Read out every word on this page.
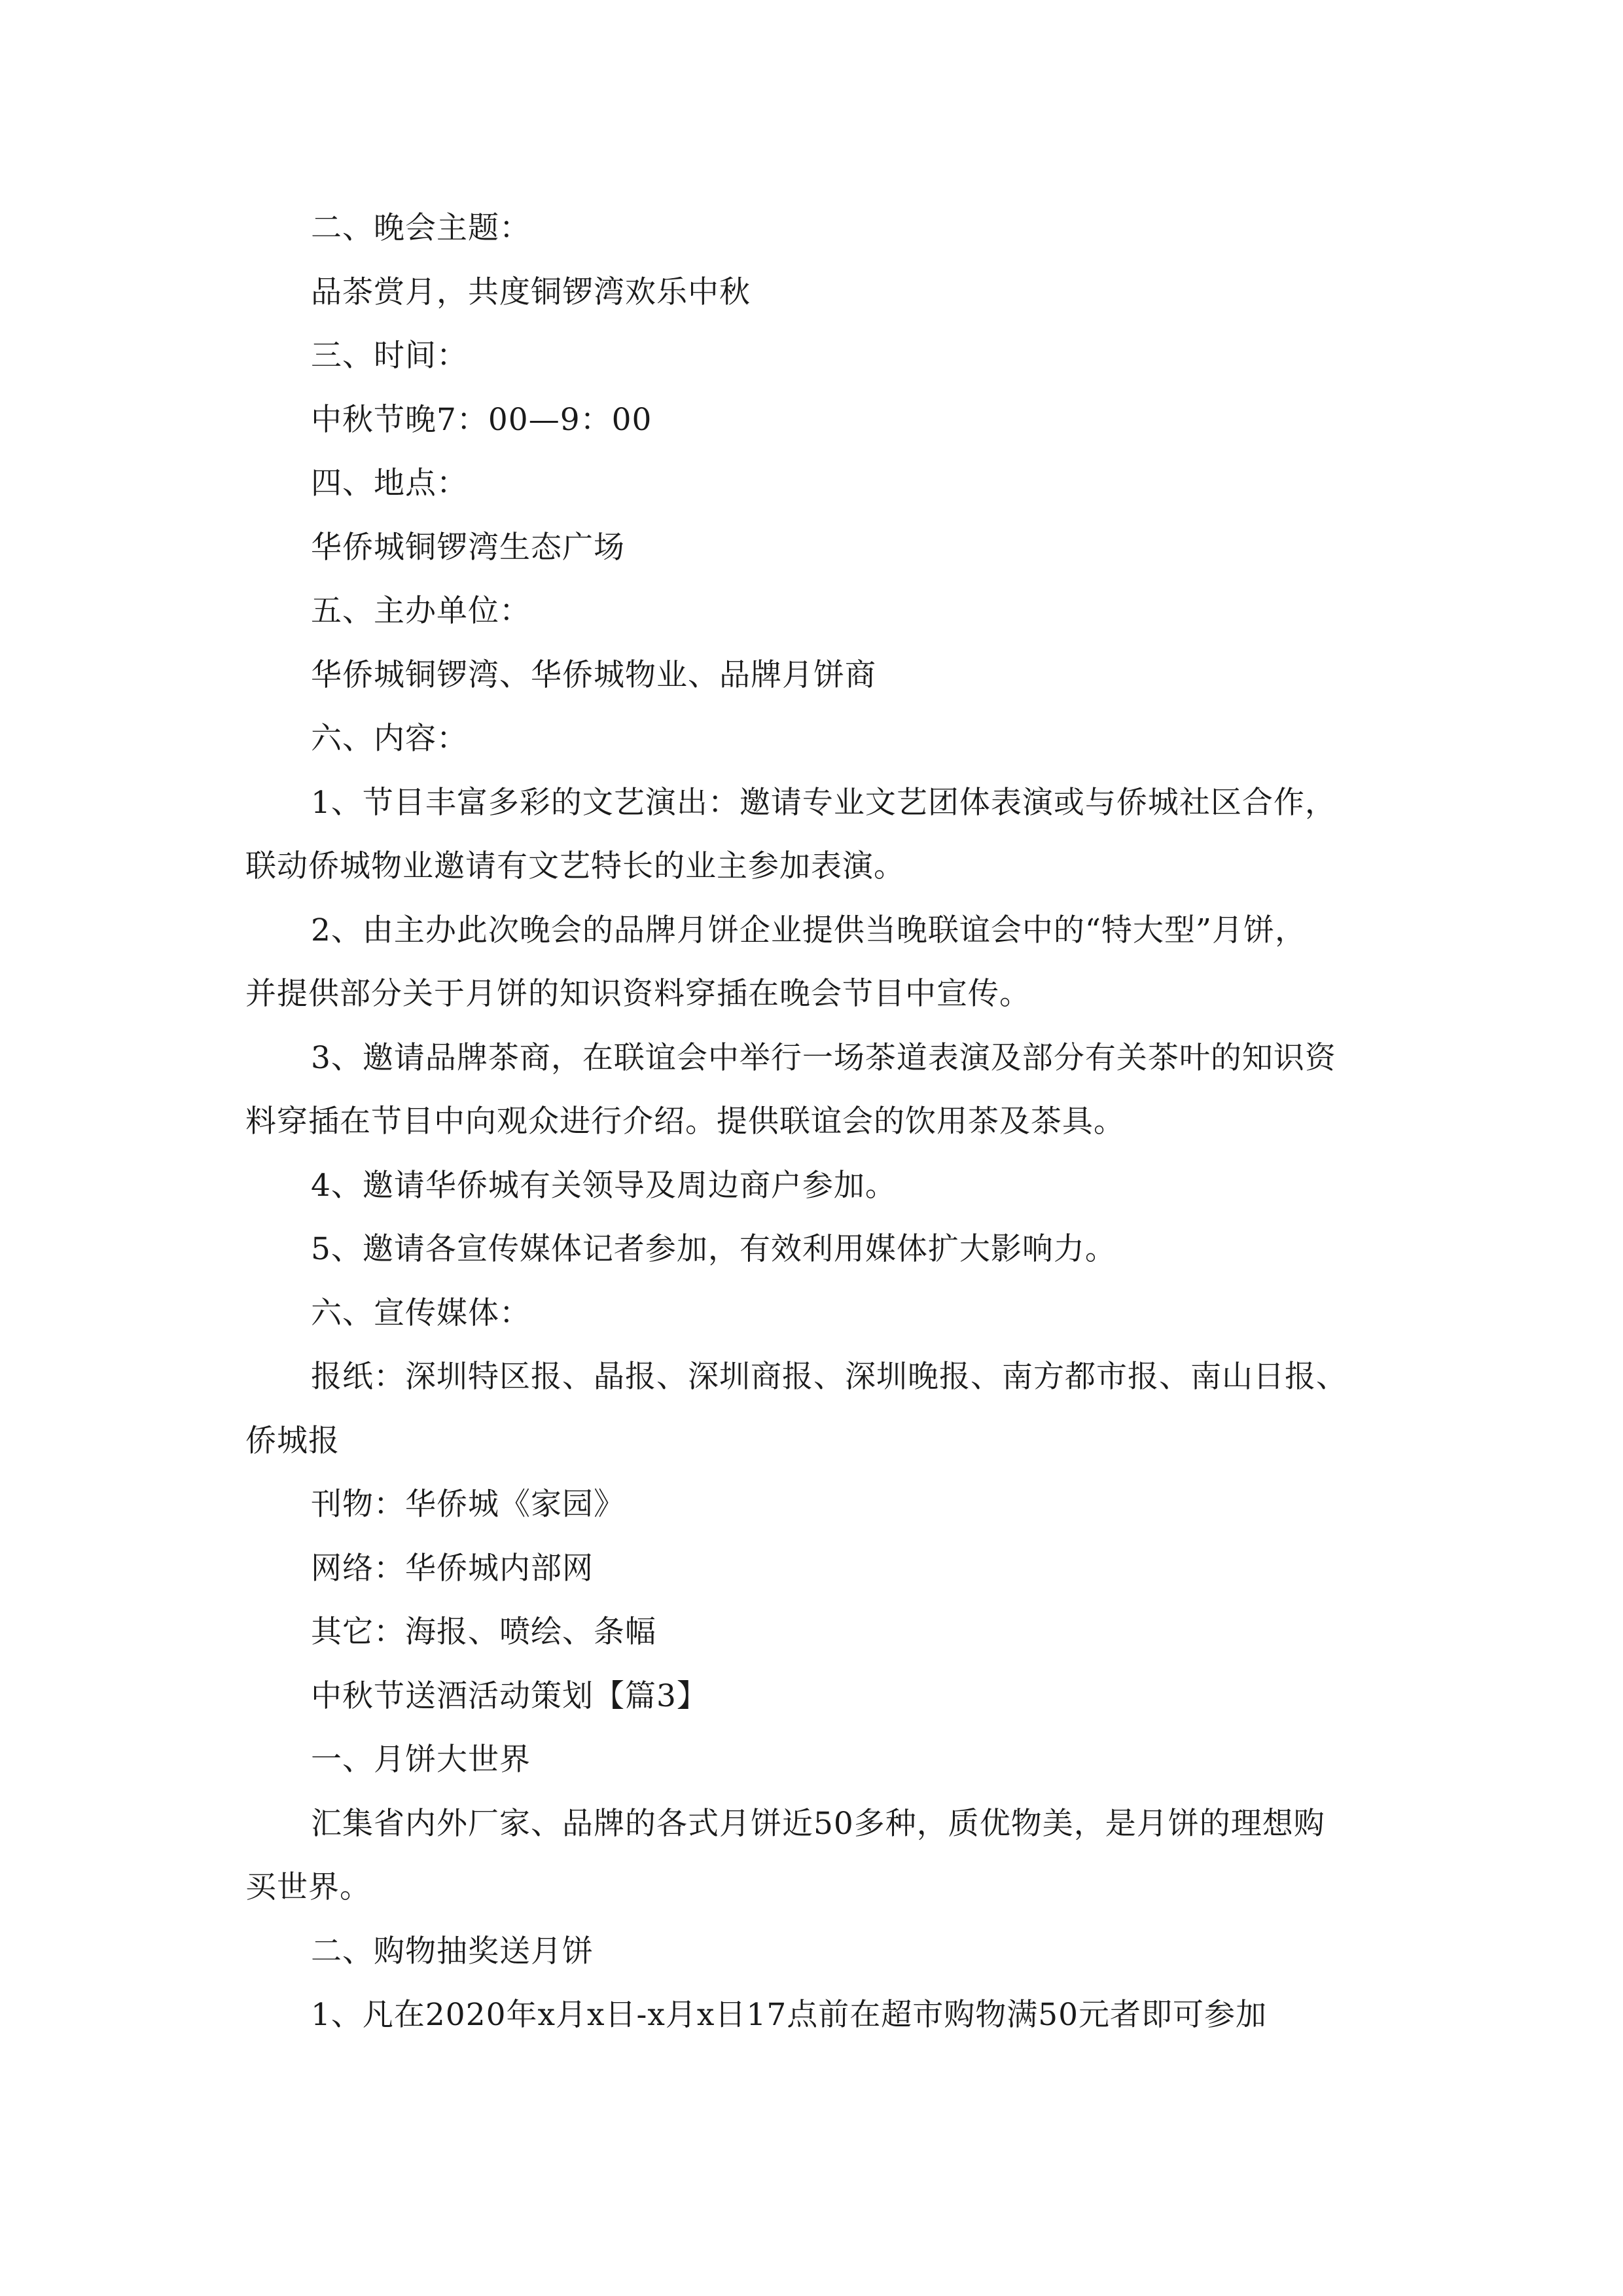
二、晚会主题：
品茶赏月，共度铜锣湾欢乐中秋
三、时间：
中秋节晚7：00—9：00
四、地点：
华侨城铜锣湾生态广场
五、主办单位：
华侨城铜锣湾、华侨城物业、品牌月饼商
六、内容：
1、节目丰富多彩的文艺演出：邀请专业文艺团体表演或与侨城社区合作，
联动侨城物业邀请有文艺特长的业主参加表演。
2、由主办此次晚会的品牌月饼企业提供当晚联谊会中的“特大型”月饼，
并提供部分关于月饼的知识资料穿插在晚会节目中宣传。
3、邀请品牌茶商，在联谊会中举行一场茶道表演及部分有关茶叶的知识资
料穿插在节目中向观众进行介绍。提供联谊会的饮用茶及茶具。
4、邀请华侨城有关领导及周边商户参加。
5、邀请各宣传媒体记者参加，有效利用媒体扩大影响力。
六、宣传媒体：
报纸：深圳特区报、晶报、深圳商报、深圳晚报、南方都市报、南山日报、
侨城报
刊物：华侨城《家园》
网络：华侨城内部网
其它：海报、喷绘、条幅
中秋节送酒活动策划【篇3】
一、月饼大世界
汇集省内外厂家、品牌的各式月饼近50多种，质优物美，是月饼的理想购
买世界。
二、购物抽奖送月饼
1、凡在2020年x月x日-x月x日17点前在超市购物满50元者即可参加
